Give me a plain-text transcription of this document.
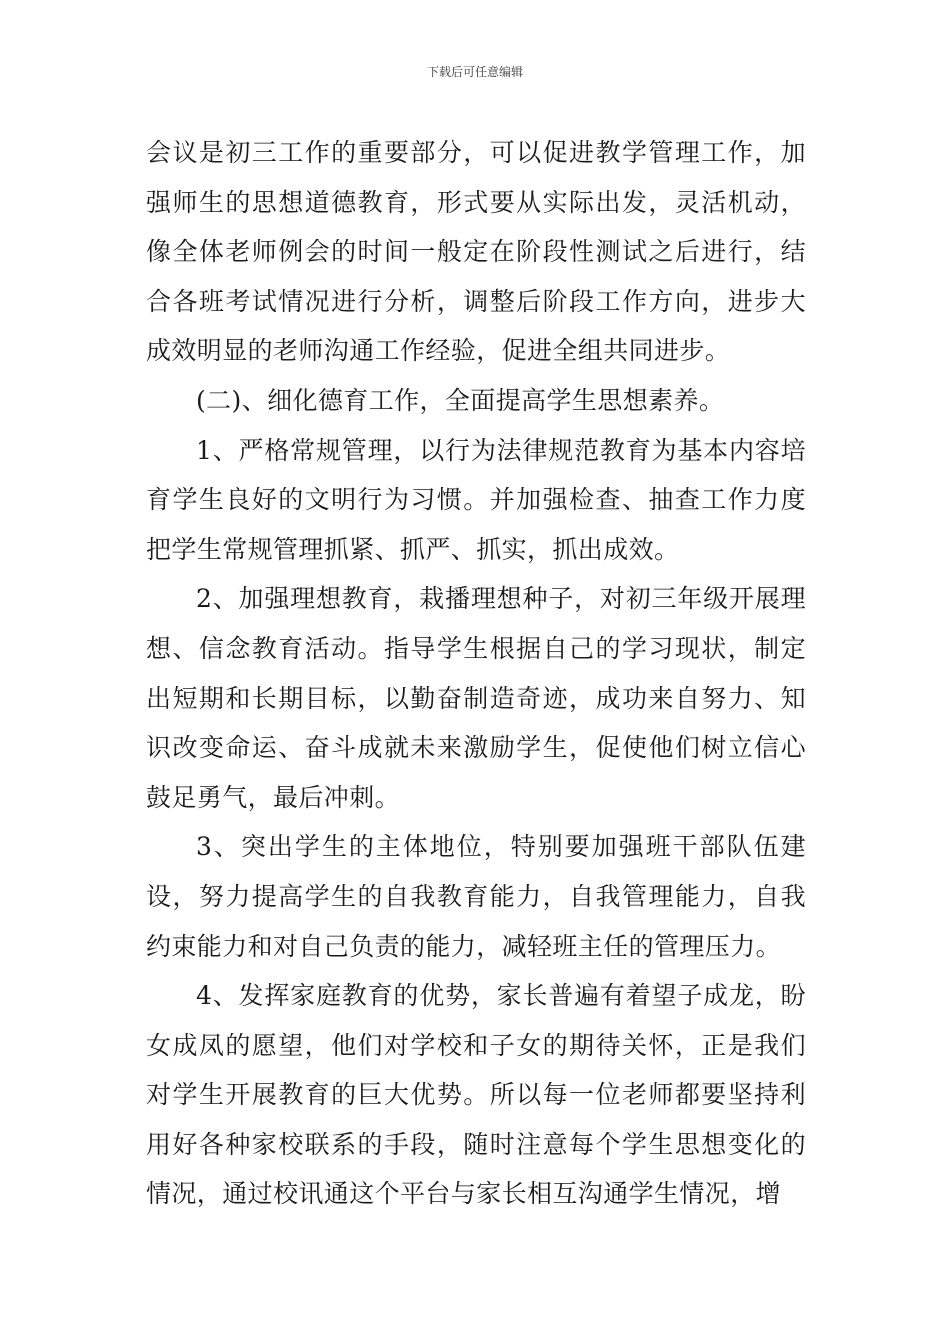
下载后可任意编辑

会议是初三工作的重要部分，可以促进教学管理工作，加强师生的思想道德教育，形式要从实际出发，灵活机动，像全体老师例会的时间一般定在阶段性测试之后进行，结合各班考试情况进行分析，调整后阶段工作方向，进步大成效明显的老师沟通工作经验，促进全组共同进步。

(二)、细化德育工作，全面提高学生思想素养。

1、严格常规管理，以行为法律规范教育为基本内容培育学生良好的文明行为习惯。并加强检查、抽查工作力度把学生常规管理抓紧、抓严、抓实，抓出成效。

2、加强理想教育，栽播理想种子，对初三年级开展理想、信念教育活动。指导学生根据自己的学习现状，制定出短期和长期目标，以勤奋制造奇迹，成功来自努力、知识改变命运、奋斗成就未来激励学生，促使他们树立信心鼓足勇气，最后冲刺。

3、突出学生的主体地位，特别要加强班干部队伍建设，努力提高学生的自我教育能力，自我管理能力，自我约束能力和对自己负责的能力，减轻班主任的管理压力。

4、发挥家庭教育的优势，家长普遍有着望子成龙，盼女成凤的愿望，他们对学校和子女的期待关怀，正是我们对学生开展教育的巨大优势。所以每一位老师都要坚持利用好各种家校联系的手段，随时注意每个学生思想变化的情况，通过校讯通这个平台与家长相互沟通学生情况，增
